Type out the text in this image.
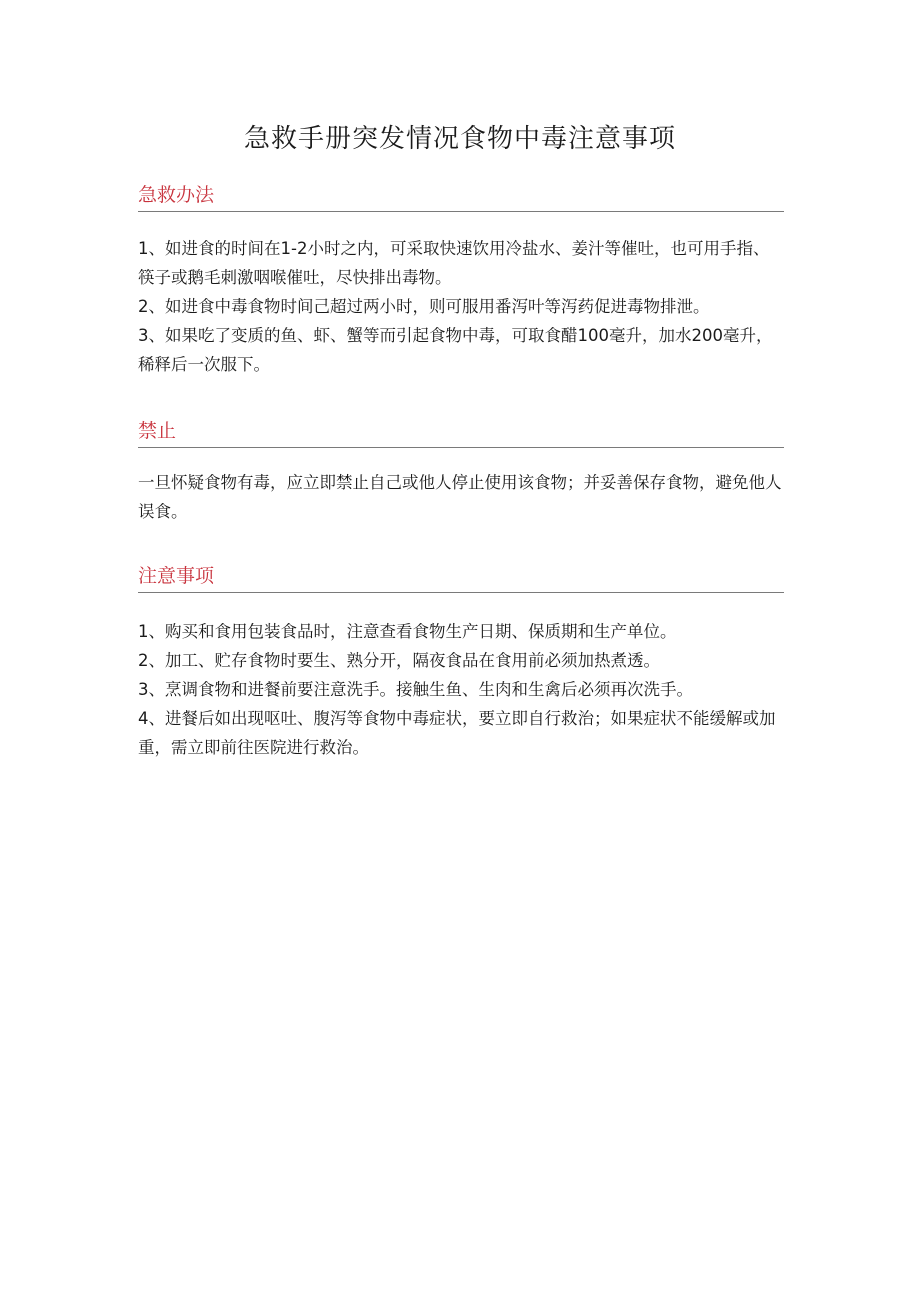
急救手册突发情况食物中毒注意事项
急救办法

1、如进食的时间在1-2小时之内，可采取快速饮用冷盐水、姜汁等催吐，也可用手指、筷子或鹅毛刺激咽喉催吐，尽快排出毒物。

2、如进食中毒食物时间己超过两小时，则可服用番泻叶等泻药促进毒物排泄。

3、如果吃了变质的鱼、虾、蟹等而引起食物中毒，可取食醋100毫升，加水200毫升，稀释后一次服下。

禁止

一旦怀疑食物有毒，应立即禁止自己或他人停止使用该食物；并妥善保存食物，避免他人误食。

注意事项

1、购买和食用包装食品时，注意查看食物生产日期、保质期和生产单位。

2、加工、贮存食物时要生、熟分开，隔夜食品在食用前必须加热煮透。

3、烹调食物和进餐前要注意洗手。接触生鱼、生肉和生禽后必须再次洗手。

4、进餐后如出现呕吐、腹泻等食物中毒症状，要立即自行救治；如果症状不能缓解或加重，需立即前往医院进行救治。
